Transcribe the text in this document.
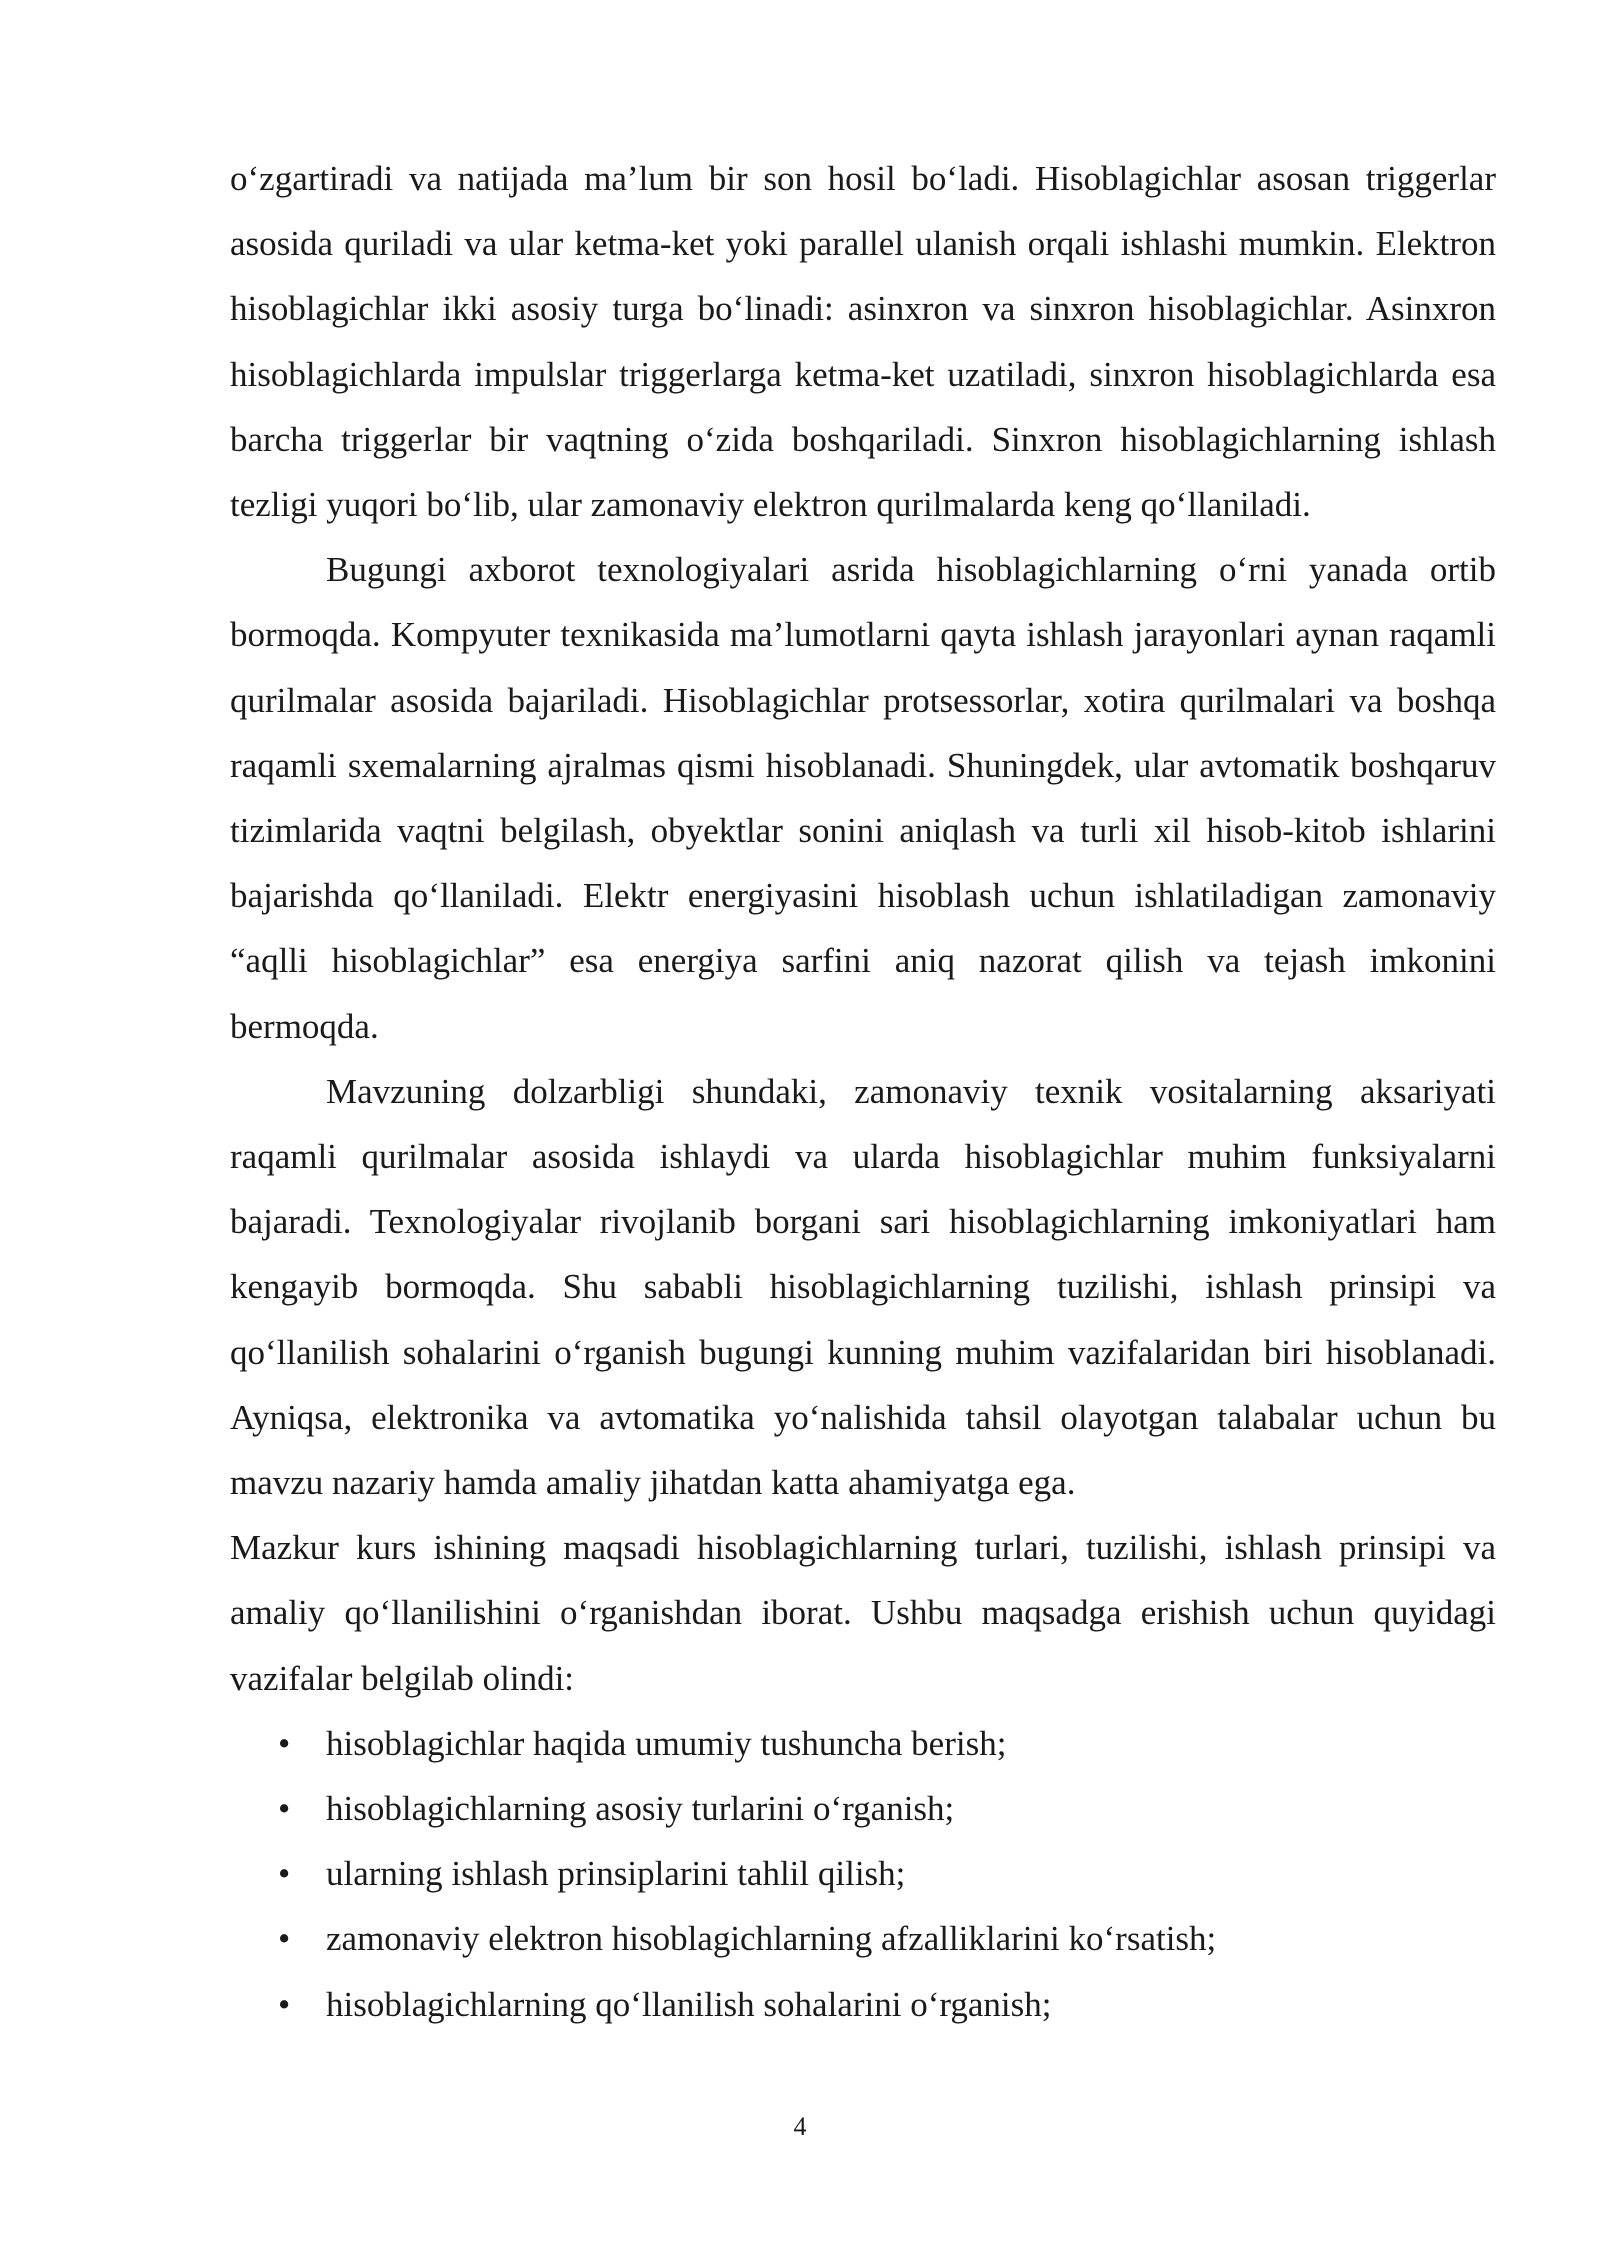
o‘zgartiradi va natijada ma’lum bir son hosil bo‘ladi. Hisoblagichlar asosan triggerlar asosida quriladi va ular ketma-ket yoki parallel ulanish orqali ishlashi mumkin. Elektron hisoblagichlar ikki asosiy turga bo‘linadi: asinxron va sinxron hisoblagichlar. Asinxron hisoblagichlarda impulslar triggerlarga ketma-ket uzatiladi, sinxron hisoblagichlarda esa barcha triggerlar bir vaqtning o‘zida boshqariladi. Sinxron hisoblagichlarning ishlash tezligi yuqori bo‘lib, ular zamonaviy elektron qurilmalarda keng qo‘llaniladi.

Bugungi axborot texnologiyalari asrida hisoblagichlarning o‘rni yanada ortib bormoqda. Kompyuter texnikasida ma’lumotlarni qayta ishlash jarayonlari aynan raqamli qurilmalar asosida bajariladi. Hisoblagichlar protsessorlar, xotira qurilmalari va boshqa raqamli sxemalarning ajralmas qismi hisoblanadi. Shuningdek, ular avtomatik boshqaruv tizimlarida vaqtni belgilash, obyektlar sonini aniqlash va turli xil hisob-kitob ishlarini bajarishda qo‘llaniladi. Elektr energiyasini hisoblash uchun ishlatiladigan zamonaviy “aqlli hisoblagichlar” esa energiya sarfini aniq nazorat qilish va tejash imkonini bermoqda.

Mavzuning dolzarbligi shundaki, zamonaviy texnik vositalarning aksariyati raqamli qurilmalar asosida ishlaydi va ularda hisoblagichlar muhim funksiyalarni bajaradi. Texnologiyalar rivojlanib borgani sari hisoblagichlarning imkoniyatlari ham kengayib bormoqda. Shu sababli hisoblagichlarning tuzilishi, ishlash prinsipi va qo‘llanilish sohalarini o‘rganish bugungi kunning muhim vazifalaridan biri hisoblanadi. Ayniqsa, elektronika va avtomatika yo‘nalishida tahsil olayotgan talabalar uchun bu mavzu nazariy hamda amaliy jihatdan katta ahamiyatga ega.

Mazkur kurs ishining maqsadi hisoblagichlarning turlari, tuzilishi, ishlash prinsipi va amaliy qo‘llanilishini o‘rganishdan iborat. Ushbu maqsadga erishish uchun quyidagi vazifalar belgilab olindi:

• hisoblagichlar haqida umumiy tushuncha berish;
• hisoblagichlarning asosiy turlarini o‘rganish;
• ularning ishlash prinsiplarini tahlil qilish;
• zamonaviy elektron hisoblagichlarning afzalliklarini ko‘rsatish;
• hisoblagichlarning qo‘llanilish sohalarini o‘rganish;
4
